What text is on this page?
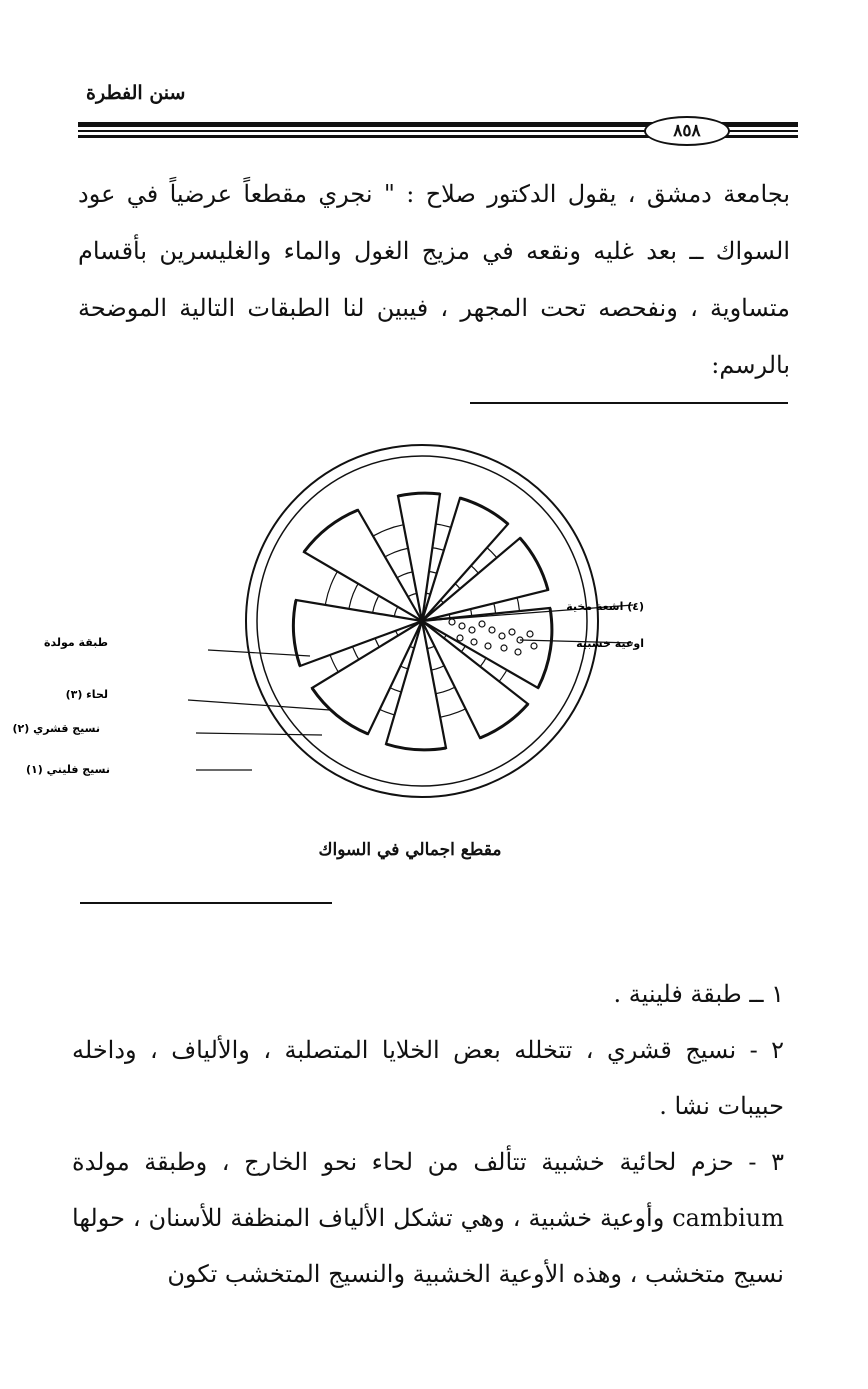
سنن الفطرة
٨٥٨
بجامعة دمشق ، يقول الدكتور صلاح : " نجري مقطعاً عرضياً في عود السواك ــ بعد غليه ونقعه في مزيج الغول والماء والغليسرين بأقسام متساوية ، ونفحصه تحت المجهر ، فيبين لنا الطبقات التالية الموضحة بالرسم:
(٤) اشعة مخية
اوعية خشبية
طبقة مولدة
لحاء (٣)
نسيج قشري (٢)
نسيج فليني (١)
مقطع اجمالي في السواك
١ ــ طبقة فلينية .
٢ - نسيج قشري ، تتخلله بعض الخلايا المتصلبة ، والألياف ، وداخله حبيبات نشا .
٣ - حزم لحائية خشبية تتألف من لحاء نحو الخارج ، وطبقة مولدة cambium وأوعية خشبية ، وهي تشكل الألياف المنظفة للأسنان ، حولها نسيج متخشب ، وهذه الأوعية الخشبية والنسيج المتخشب تكون
